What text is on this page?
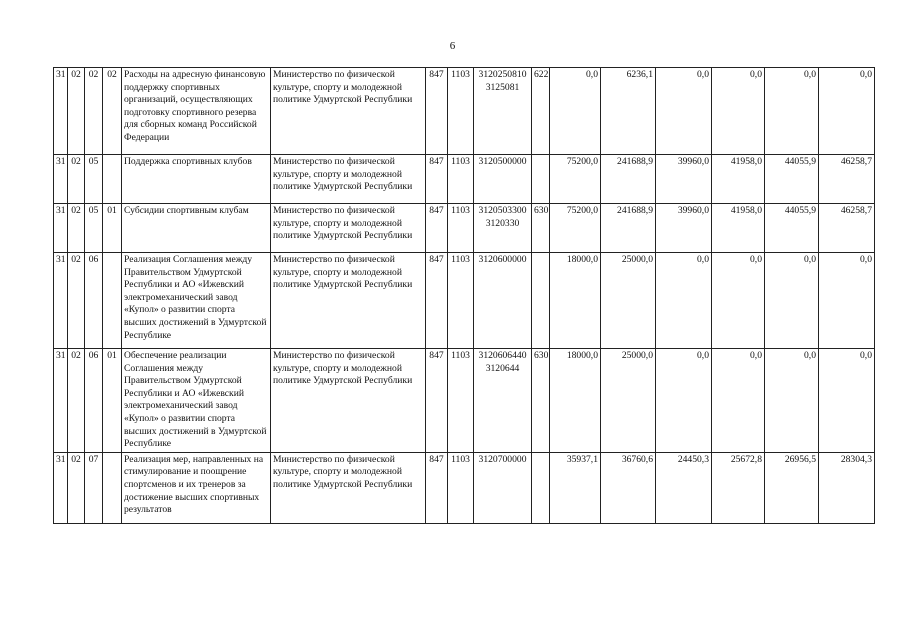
6
31	02	02	02	Расходы на адресную финансовую поддержку спортивных организаций, осуществляющих подготовку спортивного резерва для сборных команд Российской Федерации	Министерство по физической культуре, спорту и молодежной политике Удмуртской Республики	847	1103	3120250810 3125081	622	0,0	6236,1	0,0	0,0	0,0	0,0
31	02	05		Поддержка спортивных клубов	Министерство по физической культуре, спорту и молодежной политике Удмуртской Республики	847	1103	3120500000		75200,0	241688,9	39960,0	41958,0	44055,9	46258,7
31	02	05	01	Субсидии спортивным клубам	Министерство по физической культуре, спорту и молодежной политике Удмуртской Республики	847	1103	3120503300 3120330	630	75200,0	241688,9	39960,0	41958,0	44055,9	46258,7
31	02	06		Реализация Соглашения между Правительством Удмуртской Республики и АО «Ижевский электромеханический завод «Купол» о развитии спорта высших достижений в Удмуртской Республике	Министерство по физической культуре, спорту и молодежной политике Удмуртской Республики	847	1103	3120600000		18000,0	25000,0	0,0	0,0	0,0	0,0
31	02	06	01	Обеспечение реализации Соглашения между Правительством Удмуртской Республики и АО «Ижевский электромеханический завод «Купол» о развитии спорта высших достижений в Удмуртской Республике	Министерство по физической культуре, спорту и молодежной политике Удмуртской Республики	847	1103	3120606440 3120644	630	18000,0	25000,0	0,0	0,0	0,0	0,0
31	02	07		Реализация мер, направленных на стимулирование и поощрение спортсменов и их тренеров за достижение высших спортивных результатов	Министерство по физической культуре, спорту и молодежной политике Удмуртской Республики	847	1103	3120700000		35937,1	36760,6	24450,3	25672,8	26956,5	28304,3
